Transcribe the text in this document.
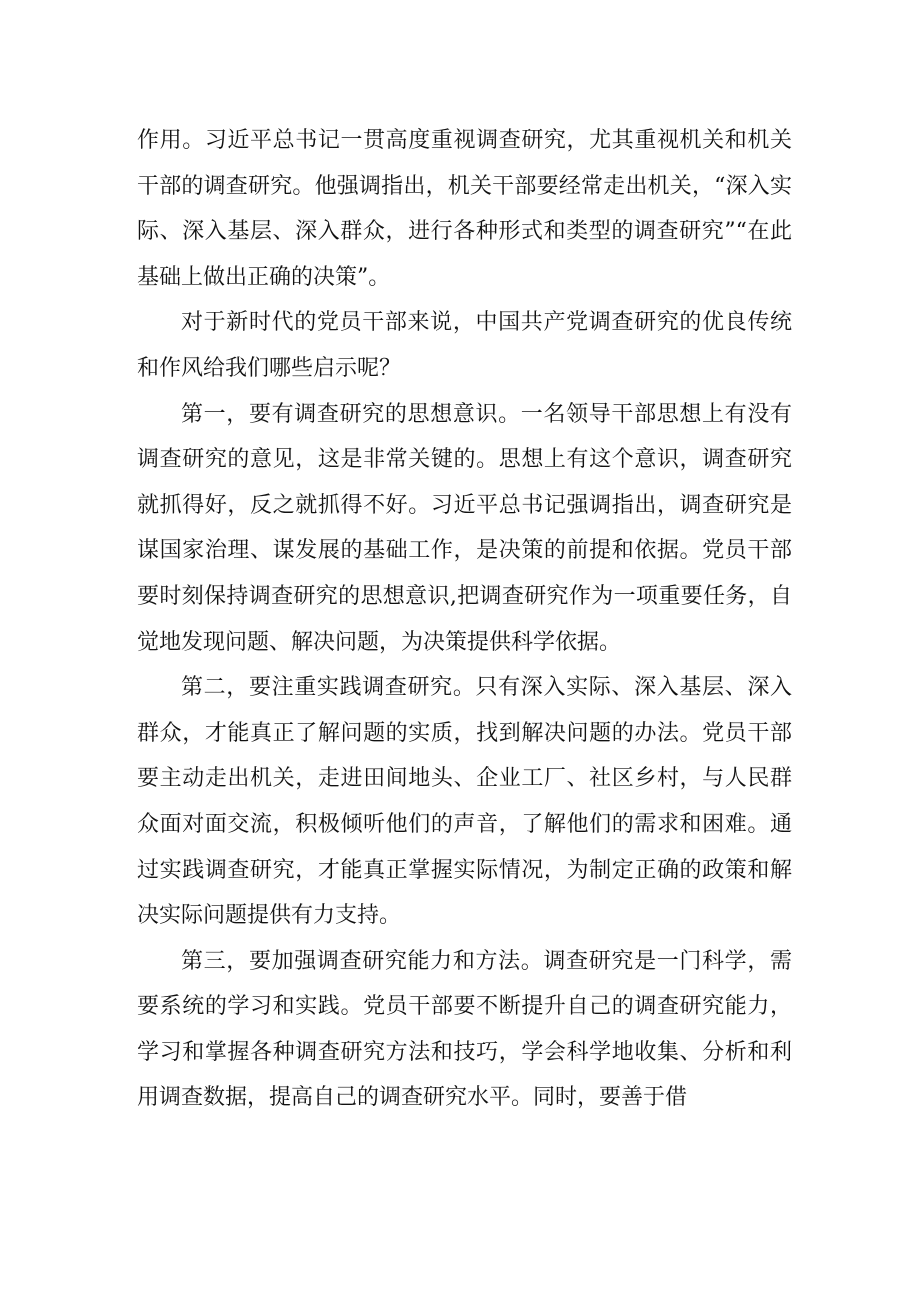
作用。习近平总书记一贯高度重视调查研究，尤其重视机关和机关干部的调查研究。他强调指出，机关干部要经常走出机关，“深入实际、深入基层、深入群众，进行各种形式和类型的调查研究”“在此基础上做出正确的决策”。

对于新时代的党员干部来说，中国共产党调查研究的优良传统和作风给我们哪些启示呢？

第一，要有调查研究的思想意识。一名领导干部思想上有没有调查研究的意见，这是非常关键的。思想上有这个意识，调查研究就抓得好，反之就抓得不好。习近平总书记强调指出，调查研究是谋国家治理、谋发展的基础工作，是决策的前提和依据。党员干部要时刻保持调查研究的思想意识,把调查研究作为一项重要任务，自觉地发现问题、解决问题，为决策提供科学依据。

第二，要注重实践调查研究。只有深入实际、深入基层、深入群众，才能真正了解问题的实质，找到解决问题的办法。党员干部要主动走出机关，走进田间地头、企业工厂、社区乡村，与人民群众面对面交流，积极倾听他们的声音，了解他们的需求和困难。通过实践调查研究，才能真正掌握实际情况，为制定正确的政策和解决实际问题提供有力支持。

第三，要加强调查研究能力和方法。调查研究是一门科学，需要系统的学习和实践。党员干部要不断提升自己的调查研究能力，学习和掌握各种调查研究方法和技巧，学会科学地收集、分析和利用调查数据，提高自己的调查研究水平。同时，要善于借
